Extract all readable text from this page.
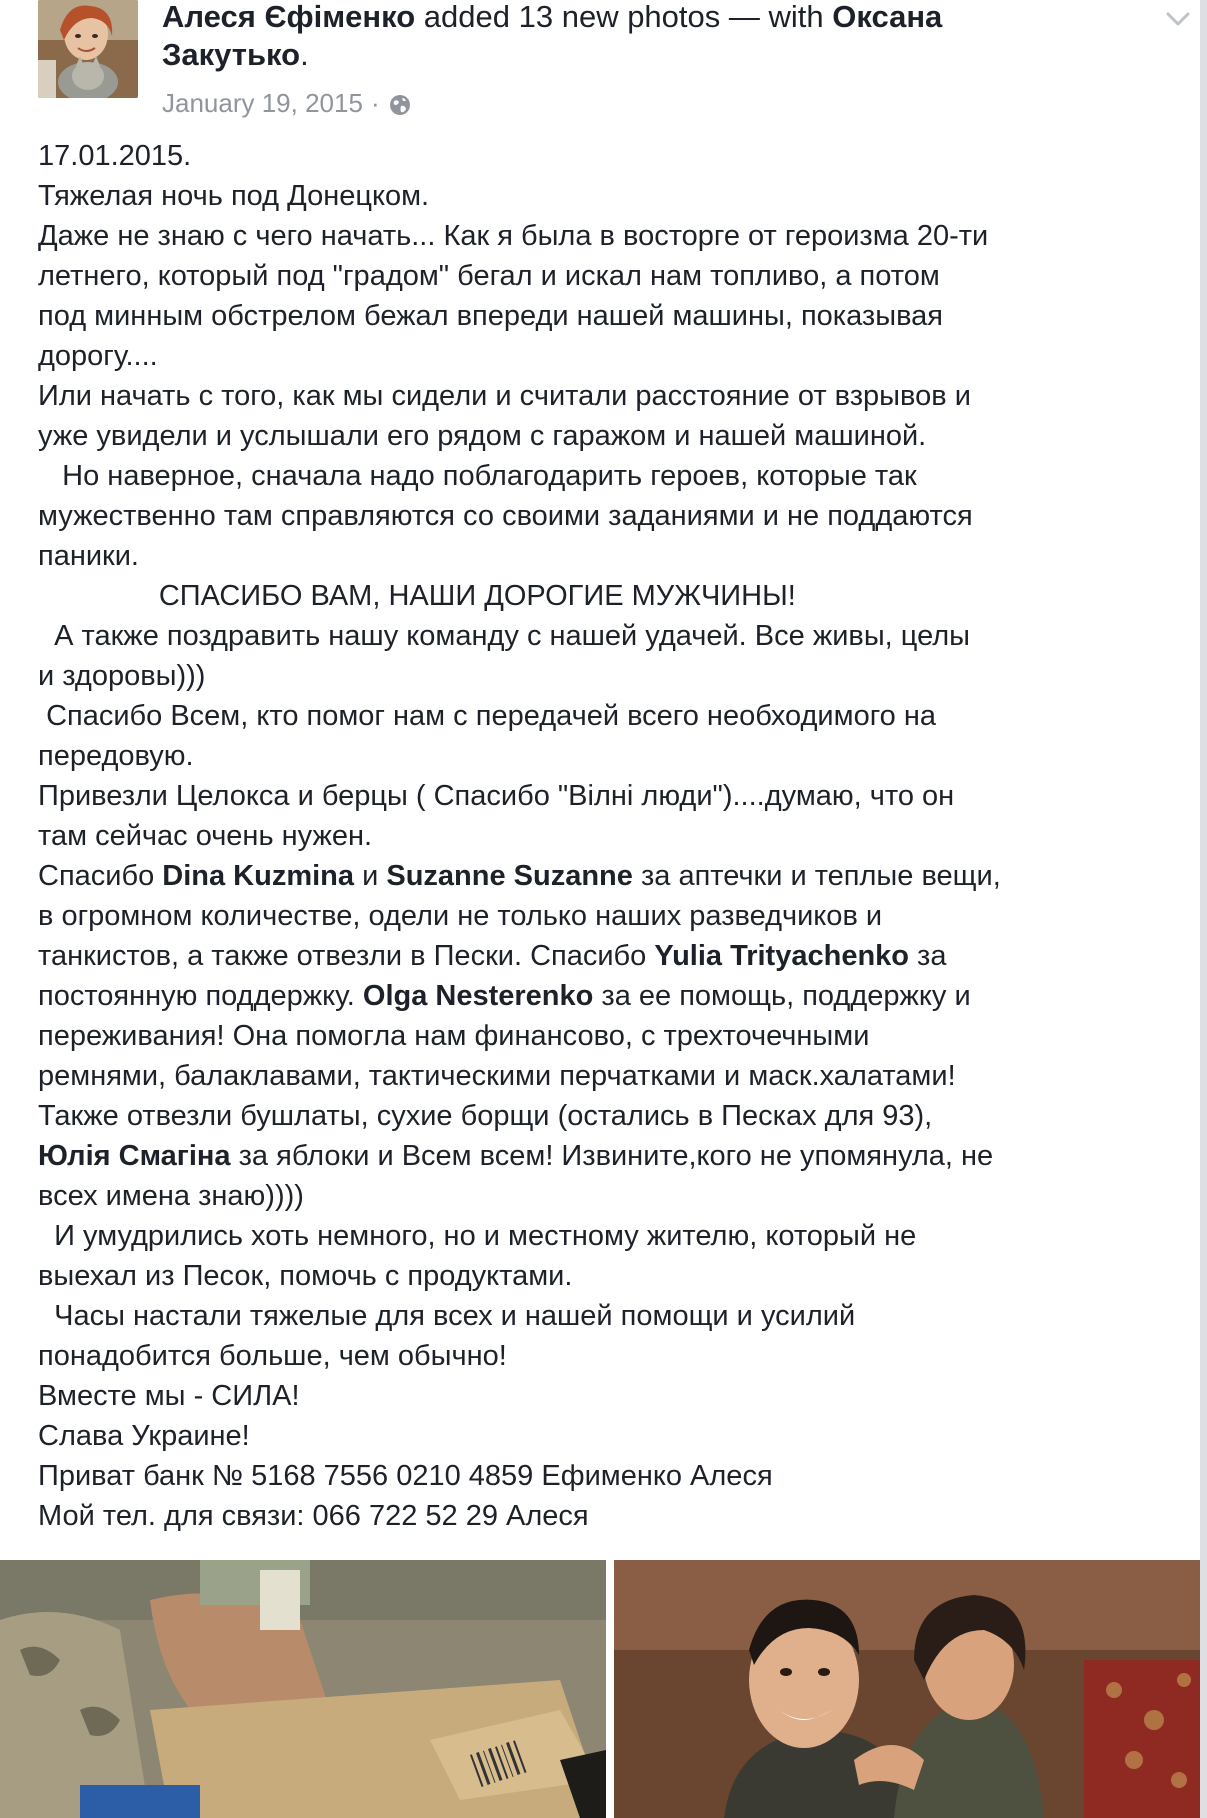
Алеся Єфіменко added 13 new photos — with Оксана Закутько.
January 19, 2015 ·
17.01.2015.
Тяжелая ночь под Донецком.
Даже не знаю с чего начать... Как я была в восторге от героизма 20-ти
летнего, который под "градом" бегал и искал нам топливо, а потом
под минным обстрелом бежал впереди нашей машины, показывая
дорогу....
Или начать с того, как мы сидели и считали расстояние от взрывов и
уже увидели и услышали его рядом с гаражом и нашей машиной.
Но наверное, сначала надо поблагодарить героев, которые так
мужественно там справляются со своими заданиями и не поддаются
паники.
СПАСИБО ВАМ, НАШИ ДОРОГИЕ МУЖЧИНЫ!
А также поздравить нашу команду с нашей удачей. Все живы, целы
и здоровы)))
Спасибо Всем, кто помог нам с передачей всего необходимого на
передовую.
Привезли Целокса и берцы ( Спасибо "Вілні люди")....думаю, что он
там сейчас очень нужен.
Спасибо Dina Kuzmina и Suzanne Suzanne за аптечки и теплые вещи,
в огромном количестве, одели не только наших разведчиков и
танкистов, а также отвезли в Пески. Спасибо Yulia Trityachenko за
постоянную поддержку. Olga Nesterenko за ее помощь, поддержку и
переживания! Она помогла нам финансово, с трехточечными
ремнями, балаклавами, тактическими перчатками и маск.халатами!
Также отвезли бушлаты, сухие борщи (остались в Песках для 93),
Юлія Смагіна за яблоки и Всем всем! Извините,кого не упомянула, не
всех имена знаю))))
И умудрились хоть немного, но и местному жителю, который не
выехал из Песок, помочь с продуктами.
Часы настали тяжелые для всех и нашей помощи и усилий
понадобится больше, чем обычно!
Вместе мы - СИЛА!
Слава Украине!
Приват банк № 5168 7556 0210 4859 Ефименко Алеся
Мой тел. для связи: 066 722 52 29 Алеся
